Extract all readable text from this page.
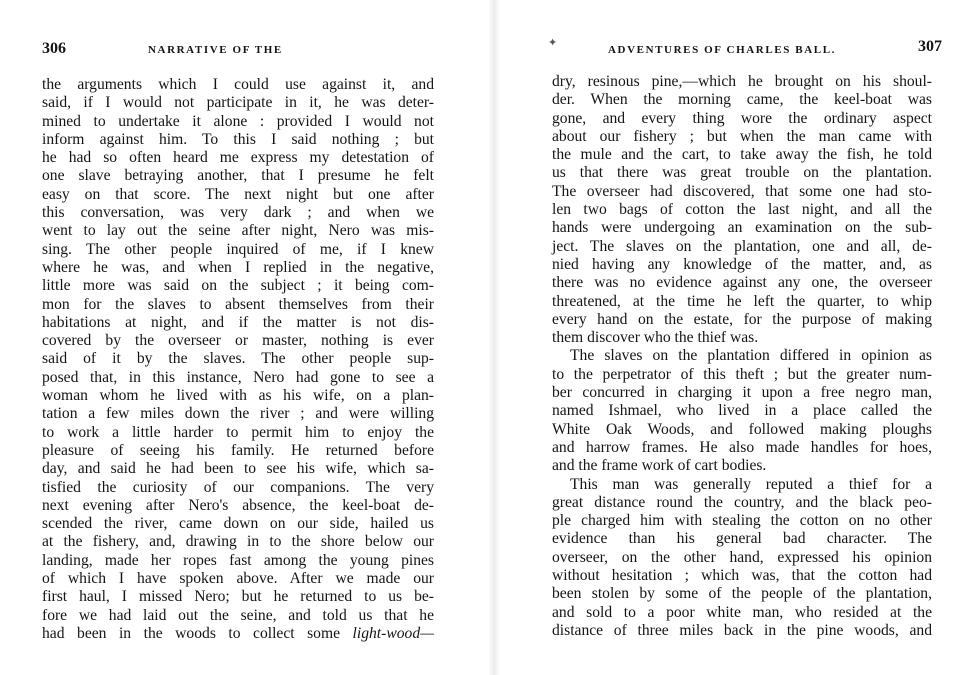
306	NARRATIVE OF THE
the arguments which I could use against it, and
said, if I would not participate in it, he was deter-
mined to undertake it alone : provided I would not
inform against him. To this I said nothing ; but
he had so often heard me express my detestation of
one slave betraying another, that I presume he felt
easy on that score. The next night but one after
this conversation, was very dark ; and when we
went to lay out the seine after night, Nero was mis-
sing. The other people inquired of me, if I knew
where he was, and when I replied in the negative,
little more was said on the subject ; it being com-
mon for the slaves to absent themselves from their
habitations at night, and if the matter is not dis-
covered by the overseer or master, nothing is ever
said of it by the slaves. The other people sup-
posed that, in this instance, Nero had gone to see a
woman whom he lived with as his wife, on a plan-
tation a few miles down the river ; and were willing
to work a little harder to permit him to enjoy the
pleasure of seeing his family. He returned before
day, and said he had been to see his wife, which sa-
tisfied the curiosity of our companions. The very
next evening after Nero's absence, the keel-boat de-
scended the river, came down on our side, hailed us
at the fishery, and, drawing in to the shore below our
landing, made her ropes fast among the young pines
of which I have spoken above. After we made our
first haul, I missed Nero; but he returned to us be-
fore we had laid out the seine, and told us that he
had been in the woods to collect some light-wood—
✦
ADVENTURES OF CHARLES BALL.	307
dry, resinous pine,—which he brought on his shoul-
der. When the morning came, the keel-boat was
gone, and every thing wore the ordinary aspect
about our fishery ; but when the man came with
the mule and the cart, to take away the fish, he told
us that there was great trouble on the plantation.
The overseer had discovered, that some one had sto-
len two bags of cotton the last night, and all the
hands were undergoing an examination on the sub-
ject. The slaves on the plantation, one and all, de-
nied having any knowledge of the matter, and, as
there was no evidence against any one, the overseer
threatened, at the time he left the quarter, to whip
every hand on the estate, for the purpose of making
them discover who the thief was.
The slaves on the plantation differed in opinion as
to the perpetrator of this theft ; but the greater num-
ber concurred in charging it upon a free negro man,
named Ishmael, who lived in a place called the
White Oak Woods, and followed making ploughs
and harrow frames. He also made handles for hoes,
and the frame work of cart bodies.
This man was generally reputed a thief for a
great distance round the country, and the black peo-
ple charged him with stealing the cotton on no other
evidence than his general bad character. The
overseer, on the other hand, expressed his opinion
without hesitation ; which was, that the cotton had
been stolen by some of the people of the plantation,
and sold to a poor white man, who resided at the
distance of three miles back in the pine woods, and
